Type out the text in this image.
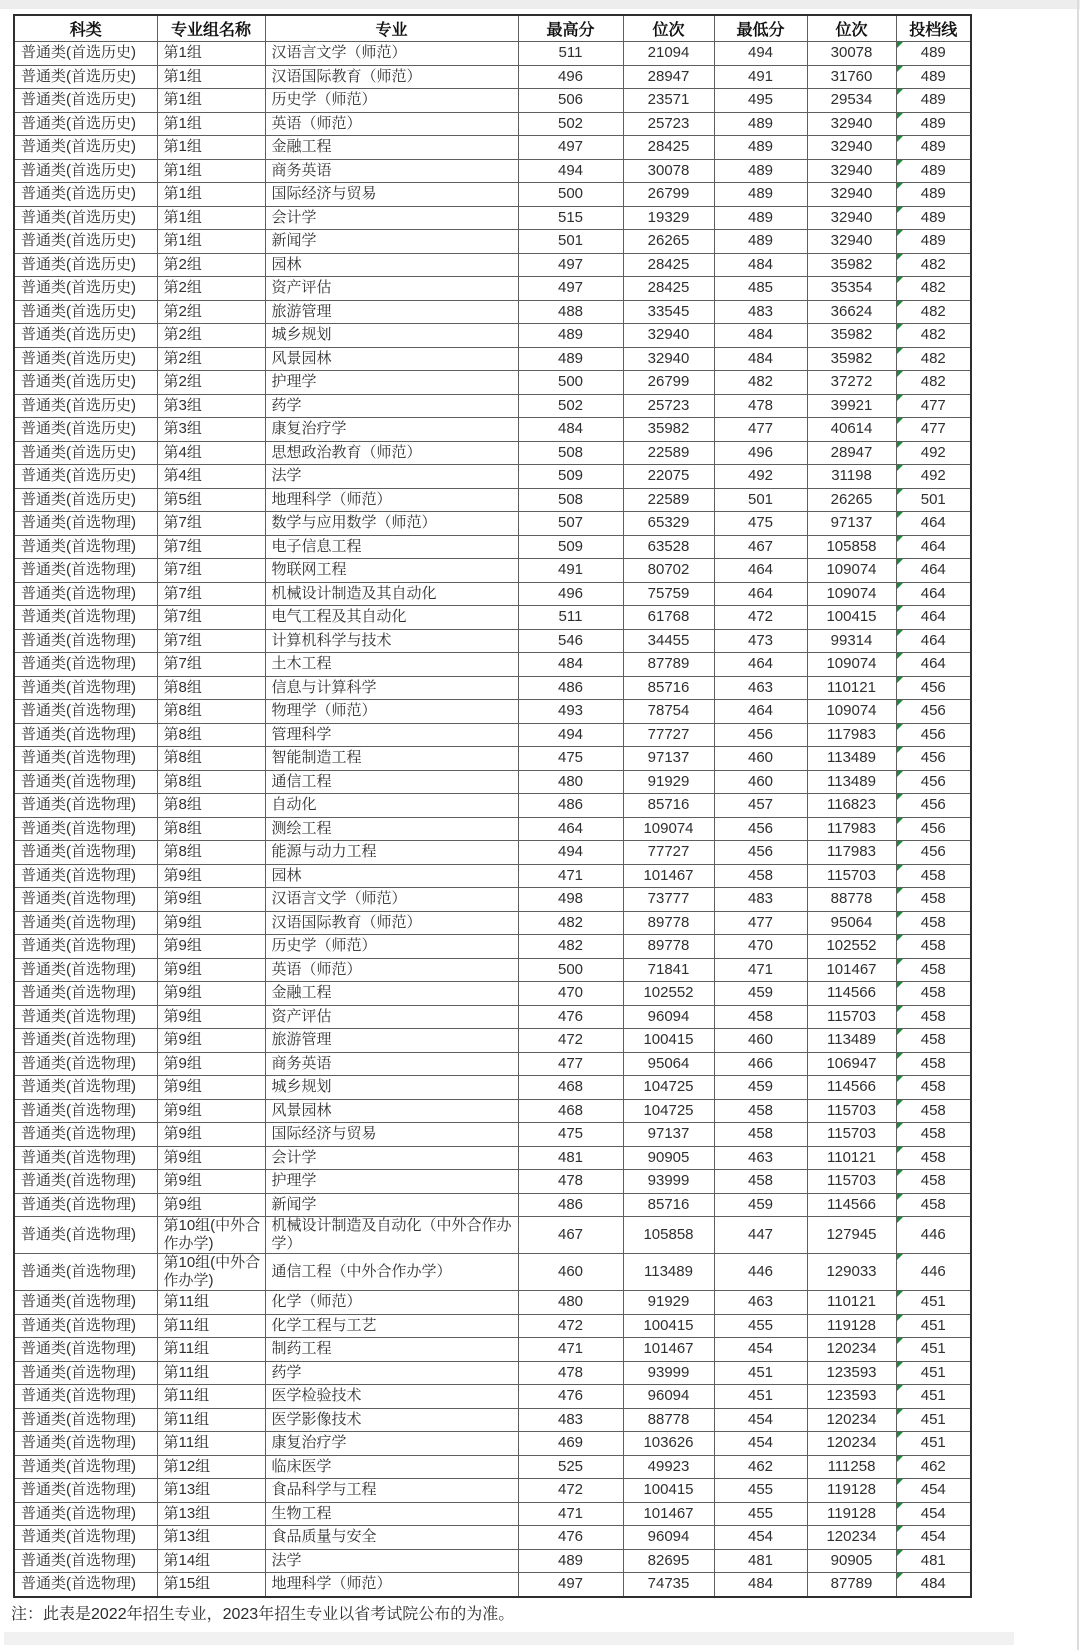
科类	专业组名称	专业	最高分	位次	最低分	位次	投档线
普通类(首选历史)	第1组	汉语言文学（师范）	511	21094	494	30078	489
普通类(首选历史)	第1组	汉语国际教育（师范）	496	28947	491	31760	489
普通类(首选历史)	第1组	历史学（师范）	506	23571	495	29534	489
普通类(首选历史)	第1组	英语（师范）	502	25723	489	32940	489
普通类(首选历史)	第1组	金融工程	497	28425	489	32940	489
普通类(首选历史)	第1组	商务英语	494	30078	489	32940	489
普通类(首选历史)	第1组	国际经济与贸易	500	26799	489	32940	489
普通类(首选历史)	第1组	会计学	515	19329	489	32940	489
普通类(首选历史)	第1组	新闻学	501	26265	489	32940	489
普通类(首选历史)	第2组	园林	497	28425	484	35982	482
普通类(首选历史)	第2组	资产评估	497	28425	485	35354	482
普通类(首选历史)	第2组	旅游管理	488	33545	483	36624	482
普通类(首选历史)	第2组	城乡规划	489	32940	484	35982	482
普通类(首选历史)	第2组	风景园林	489	32940	484	35982	482
普通类(首选历史)	第2组	护理学	500	26799	482	37272	482
普通类(首选历史)	第3组	药学	502	25723	478	39921	477
普通类(首选历史)	第3组	康复治疗学	484	35982	477	40614	477
普通类(首选历史)	第4组	思想政治教育（师范）	508	22589	496	28947	492
普通类(首选历史)	第4组	法学	509	22075	492	31198	492
普通类(首选历史)	第5组	地理科学（师范）	508	22589	501	26265	501
普通类(首选物理)	第7组	数学与应用数学（师范）	507	65329	475	97137	464
普通类(首选物理)	第7组	电子信息工程	509	63528	467	105858	464
普通类(首选物理)	第7组	物联网工程	491	80702	464	109074	464
普通类(首选物理)	第7组	机械设计制造及其自动化	496	75759	464	109074	464
普通类(首选物理)	第7组	电气工程及其自动化	511	61768	472	100415	464
普通类(首选物理)	第7组	计算机科学与技术	546	34455	473	99314	464
普通类(首选物理)	第7组	土木工程	484	87789	464	109074	464
普通类(首选物理)	第8组	信息与计算科学	486	85716	463	110121	456
普通类(首选物理)	第8组	物理学（师范）	493	78754	464	109074	456
普通类(首选物理)	第8组	管理科学	494	77727	456	117983	456
普通类(首选物理)	第8组	智能制造工程	475	97137	460	113489	456
普通类(首选物理)	第8组	通信工程	480	91929	460	113489	456
普通类(首选物理)	第8组	自动化	486	85716	457	116823	456
普通类(首选物理)	第8组	测绘工程	464	109074	456	117983	456
普通类(首选物理)	第8组	能源与动力工程	494	77727	456	117983	456
普通类(首选物理)	第9组	园林	471	101467	458	115703	458
普通类(首选物理)	第9组	汉语言文学（师范）	498	73777	483	88778	458
普通类(首选物理)	第9组	汉语国际教育（师范）	482	89778	477	95064	458
普通类(首选物理)	第9组	历史学（师范）	482	89778	470	102552	458
普通类(首选物理)	第9组	英语（师范）	500	71841	471	101467	458
普通类(首选物理)	第9组	金融工程	470	102552	459	114566	458
普通类(首选物理)	第9组	资产评估	476	96094	458	115703	458
普通类(首选物理)	第9组	旅游管理	472	100415	460	113489	458
普通类(首选物理)	第9组	商务英语	477	95064	466	106947	458
普通类(首选物理)	第9组	城乡规划	468	104725	459	114566	458
普通类(首选物理)	第9组	风景园林	468	104725	458	115703	458
普通类(首选物理)	第9组	国际经济与贸易	475	97137	458	115703	458
普通类(首选物理)	第9组	会计学	481	90905	463	110121	458
普通类(首选物理)	第9组	护理学	478	93999	458	115703	458
普通类(首选物理)	第9组	新闻学	486	85716	459	114566	458
普通类(首选物理)	第10组(中外合作办学)	机械设计制造及自动化（中外合作办学）	467	105858	447	127945	446
普通类(首选物理)	第10组(中外合作办学)	通信工程（中外合作办学）	460	113489	446	129033	446
普通类(首选物理)	第11组	化学（师范）	480	91929	463	110121	451
普通类(首选物理)	第11组	化学工程与工艺	472	100415	455	119128	451
普通类(首选物理)	第11组	制药工程	471	101467	454	120234	451
普通类(首选物理)	第11组	药学	478	93999	451	123593	451
普通类(首选物理)	第11组	医学检验技术	476	96094	451	123593	451
普通类(首选物理)	第11组	医学影像技术	483	88778	454	120234	451
普通类(首选物理)	第11组	康复治疗学	469	103626	454	120234	451
普通类(首选物理)	第12组	临床医学	525	49923	462	111258	462
普通类(首选物理)	第13组	食品科学与工程	472	100415	455	119128	454
普通类(首选物理)	第13组	生物工程	471	101467	455	119128	454
普通类(首选物理)	第13组	食品质量与安全	476	96094	454	120234	454
普通类(首选物理)	第14组	法学	489	82695	481	90905	481
普通类(首选物理)	第15组	地理科学（师范）	497	74735	484	87789	484
注：此表是2022年招生专业，2023年招生专业以省考试院公布的为准。
